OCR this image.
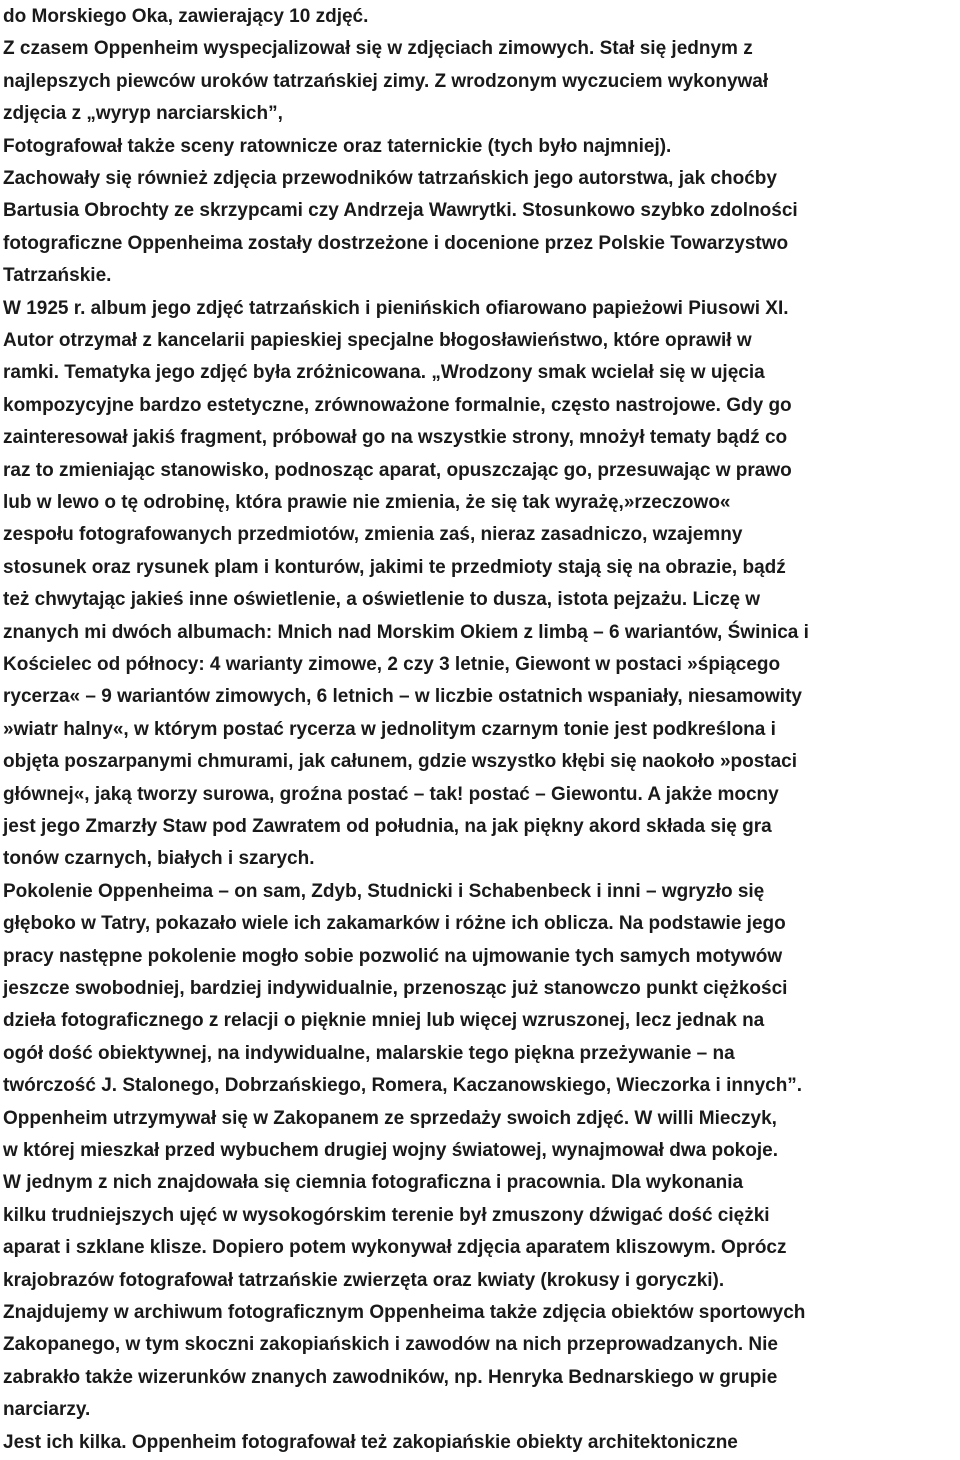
do Morskiego Oka, zawierający 10 zdjęć.
Z czasem Oppenheim wyspecjalizował się w zdjęciach zimowych. Stał się jednym z
najlepszych piewców uroków tatrzańskiej zimy. Z wrodzonym wyczuciem wykonywał
zdjęcia z „wyryp narciarskich”,
Fotografował także sceny ratownicze oraz taternickie (tych było najmniej).
Zachowały się również zdjęcia przewodników tatrzańskich jego autorstwa, jak choćby
Bartusia Obrochty ze skrzypcami czy Andrzeja Wawrytki. Stosunkowo szybko zdolności
fotograficzne Oppenheima zostały dostrzeżone i docenione przez Polskie Towarzystwo
Tatrzańskie.
W 1925 r. album jego zdjęć tatrzańskich i pienińskich ofiarowano papieżowi Piusowi XI.
Autor otrzymał z kancelarii papieskiej specjalne błogosławieństwo, które oprawił w
ramki. Tematyka jego zdjęć była zróżnicowana. „Wrodzony smak wcielał się w ujęcia
kompozycyjne bardzo estetyczne, zrównoważone formalnie, często nastrojowe. Gdy go
zainteresował jakiś fragment, próbował go na wszystkie strony, mnożył tematy bądź co
raz to zmieniając stanowisko, podnosząc aparat, opuszczając go, przesuwając w prawo
lub w lewo o tę odrobinę, która prawie nie zmienia, że się tak wyrażę,»rzeczowo«
zespołu fotografowanych przedmiotów, zmienia zaś, nieraz zasadniczo, wzajemny
stosunek oraz rysunek plam i konturów, jakimi te przedmioty stają się na obrazie, bądź
też chwytając jakieś inne oświetlenie, a oświetlenie to dusza, istota pejzażu. Liczę w
znanych mi dwóch albumach: Mnich nad Morskim Okiem z limbą – 6 wariantów, Świnica i
Kościelec od północy: 4 warianty zimowe, 2 czy 3 letnie, Giewont w postaci »śpiącego
rycerza« – 9 wariantów zimowych, 6 letnich – w liczbie ostatnich wspaniały, niesamowity
»wiatr halny«, w którym postać rycerza w jednolitym czarnym tonie jest podkreślona i
objęta poszarpanymi chmurami, jak całunem, gdzie wszystko kłębi się naokoło »postaci
głównej«, jaką tworzy surowa, groźna postać – tak! postać – Giewontu. A jakże mocny
jest jego Zmarzły Staw pod Zawratem od południa, na jak piękny akord składa się gra
tonów czarnych, białych i szarych.
Pokolenie Oppenheima – on sam, Zdyb, Studnicki i Schabenbeck i inni – wgryzło się
głęboko w Tatry, pokazało wiele ich zakamarków i różne ich oblicza. Na podstawie jego
pracy następne pokolenie mogło sobie pozwolić na ujmowanie tych samych motywów
jeszcze swobodniej, bardziej indywidualnie, przenosząc już stanowczo punkt ciężkości
dzieła fotograficznego z relacji o pięknie mniej lub więcej wzruszonej, lecz jednak na
ogół dość obiektywnej, na indywidualne, malarskie tego piękna przeżywanie – na
twórczość J. Stalonego, Dobrzańskiego, Romera, Kaczanowskiego, Wieczorka i innych”.
Oppenheim utrzymywał się w Zakopanem ze sprzedaży swoich zdjęć. W willi Mieczyk,
w której mieszkał przed wybuchem drugiej wojny światowej, wynajmował dwa pokoje.
W jednym z nich znajdowała się ciemnia fotograficzna i pracownia. Dla wykonania
kilku trudniejszych ujęć w wysokogórskim terenie był zmuszony dźwigać dość ciężki
aparat i szklane klisze. Dopiero potem wykonywał zdjęcia aparatem kliszowym. Oprócz
krajobrazów fotografował tatrzańskie zwierzęta oraz kwiaty (krokusy i goryczki).
Znajdujemy w archiwum fotograficznym Oppenheima także zdjęcia obiektów sportowych
Zakopanego, w tym skoczni zakopiańskich i zawodów na nich przeprowadzanych. Nie
zabrakło także wizerunków znanych zawodników, np. Henryka Bednarskiego w grupie
narciarzy.
Jest ich kilka. Oppenheim fotografował też zakopiańskie obiekty architektoniczne
